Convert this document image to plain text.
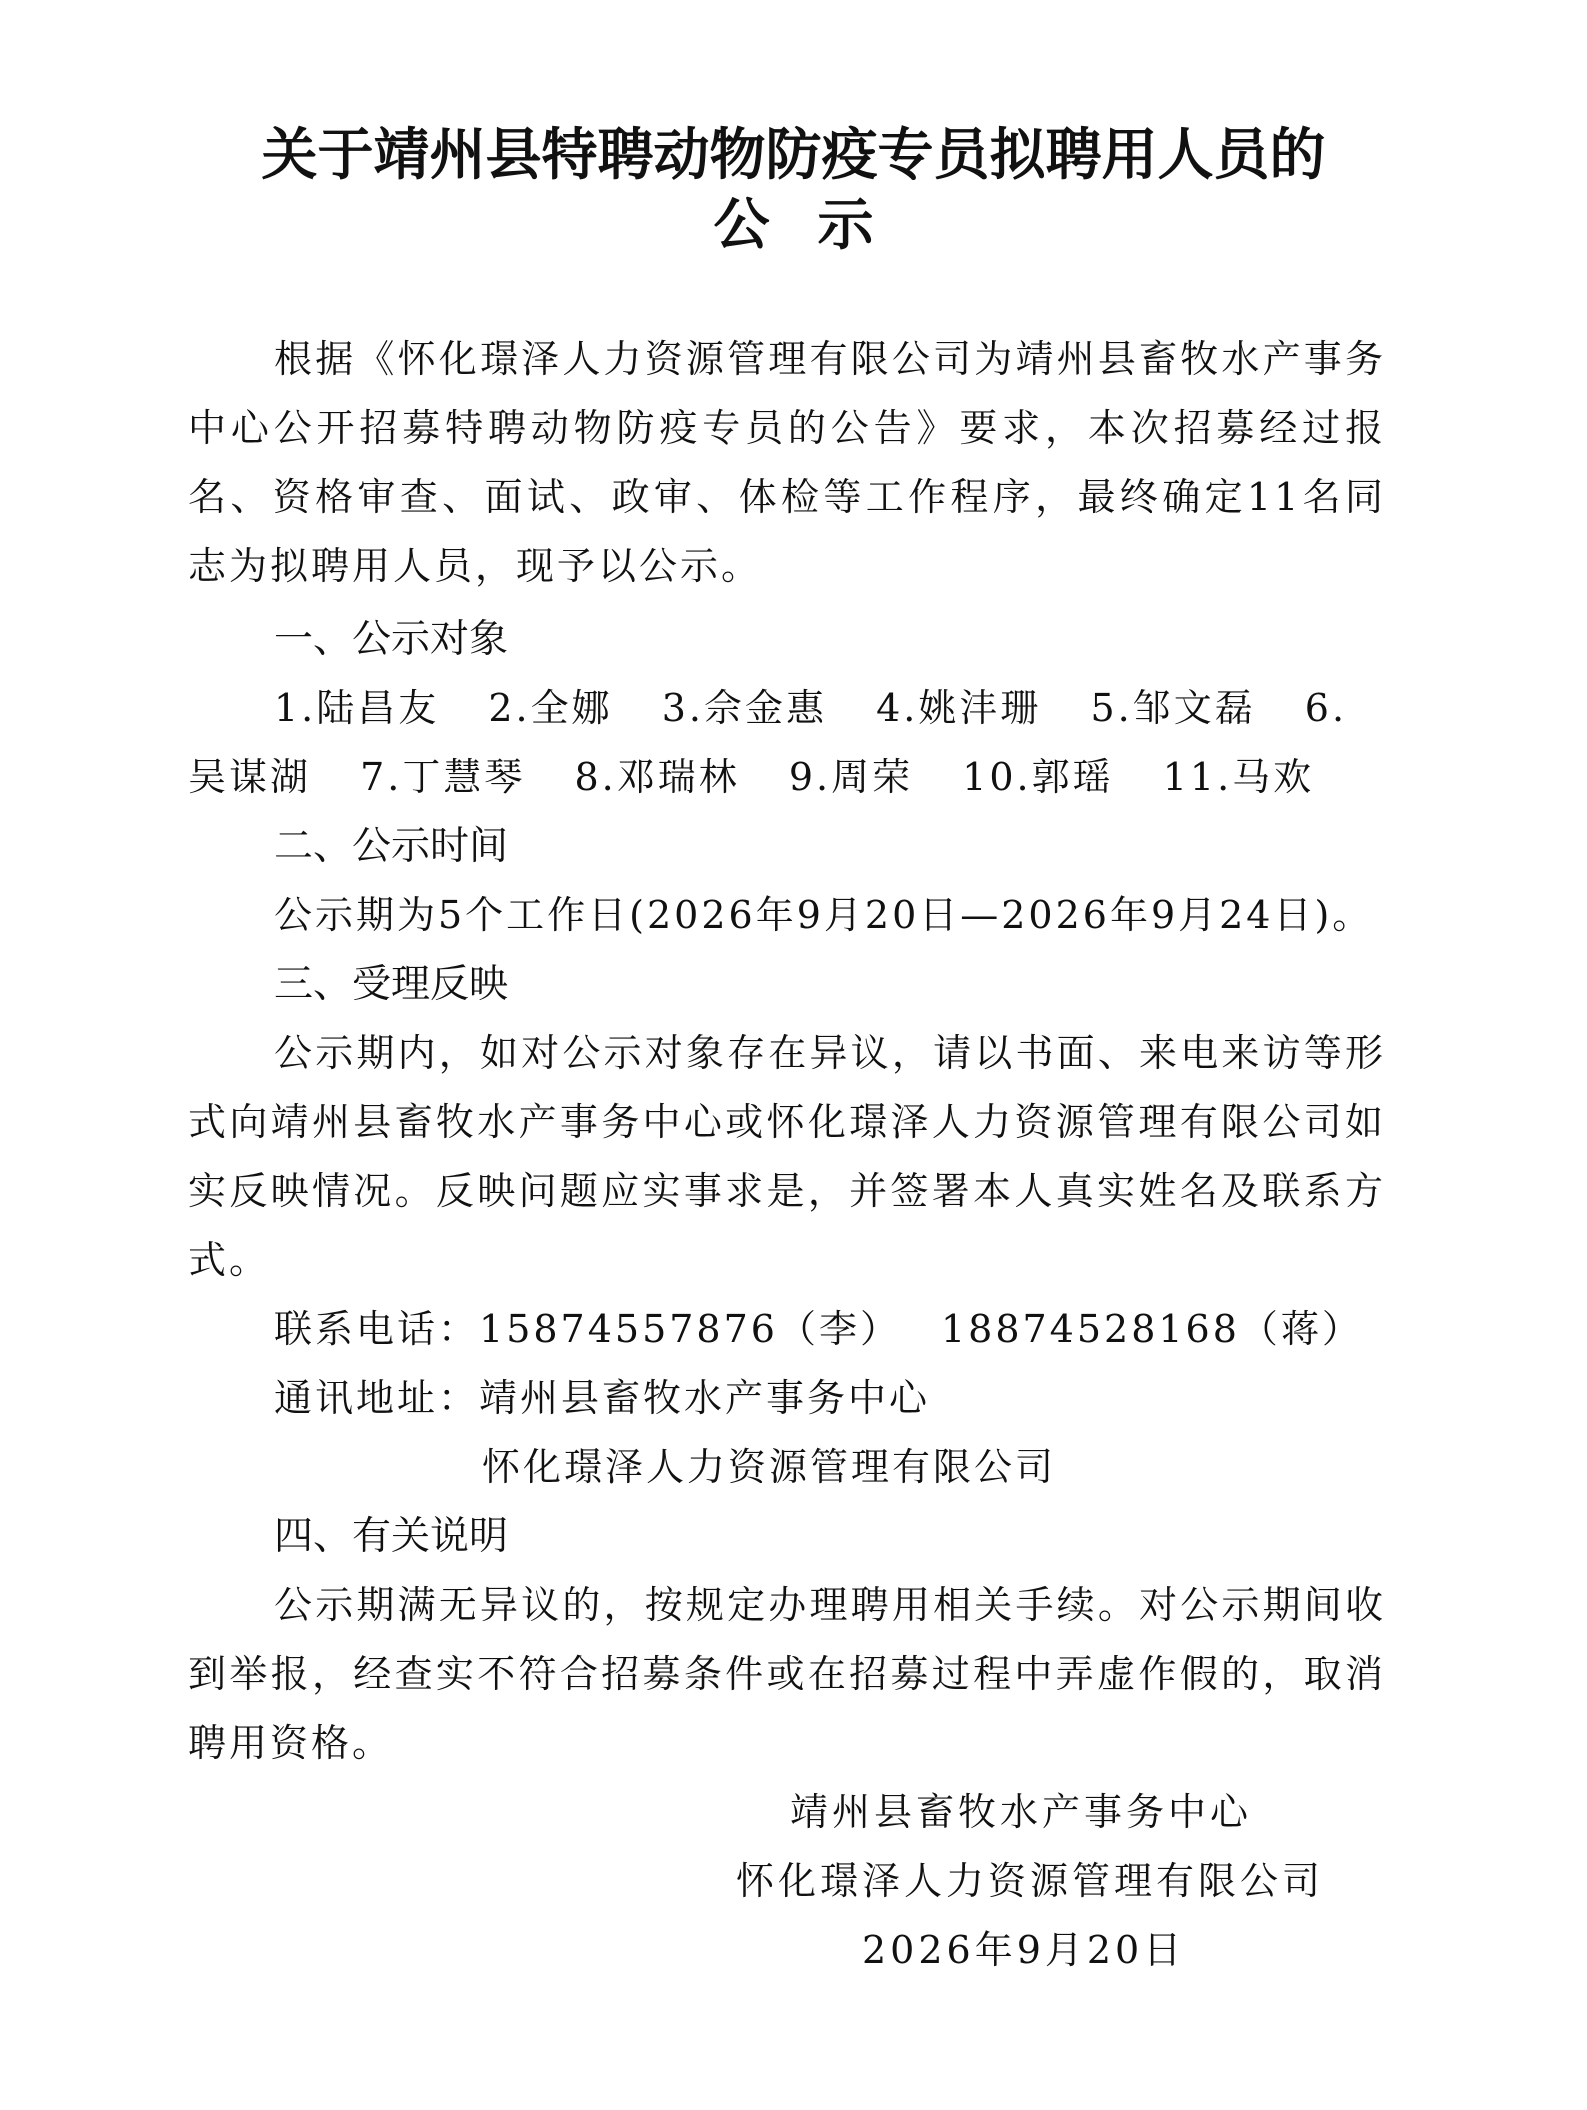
关于靖州县特聘动物防疫专员拟聘用人员的
公示
根据《怀化璟泽人力资源管理有限公司为靖州县畜牧水产事务中心公开招募特聘动物防疫专员的公告》要求，本次招募经过报名、资格审查、面试、政审、体检等工作程序，最终确定11名同志为拟聘用人员，现予以公示。
一、公示对象
1.陆昌友 2.全娜 3.佘金惠 4.姚沣珊 5.邹文磊 6.吴谋湖 7.丁慧琴 8.邓瑞林 9.周荣 10.郭瑶 11.马欢
二、公示时间
公示期为5个工作日(2026年9月20日—2026年9月24日)。
三、受理反映
公示期内，如对公示对象存在异议，请以书面、来电来访等形式向靖州县畜牧水产事务中心或怀化璟泽人力资源管理有限公司如实反映情况。反映问题应实事求是，并签署本人真实姓名及联系方式。
联系电话：15874557876（李） 18874528168（蒋）
通讯地址：靖州县畜牧水产事务中心
怀化璟泽人力资源管理有限公司
四、有关说明
公示期满无异议的，按规定办理聘用相关手续。对公示期间收到举报，经查实不符合招募条件或在招募过程中弄虚作假的，取消聘用资格。
靖州县畜牧水产事务中心
怀化璟泽人力资源管理有限公司
2026年9月20日
